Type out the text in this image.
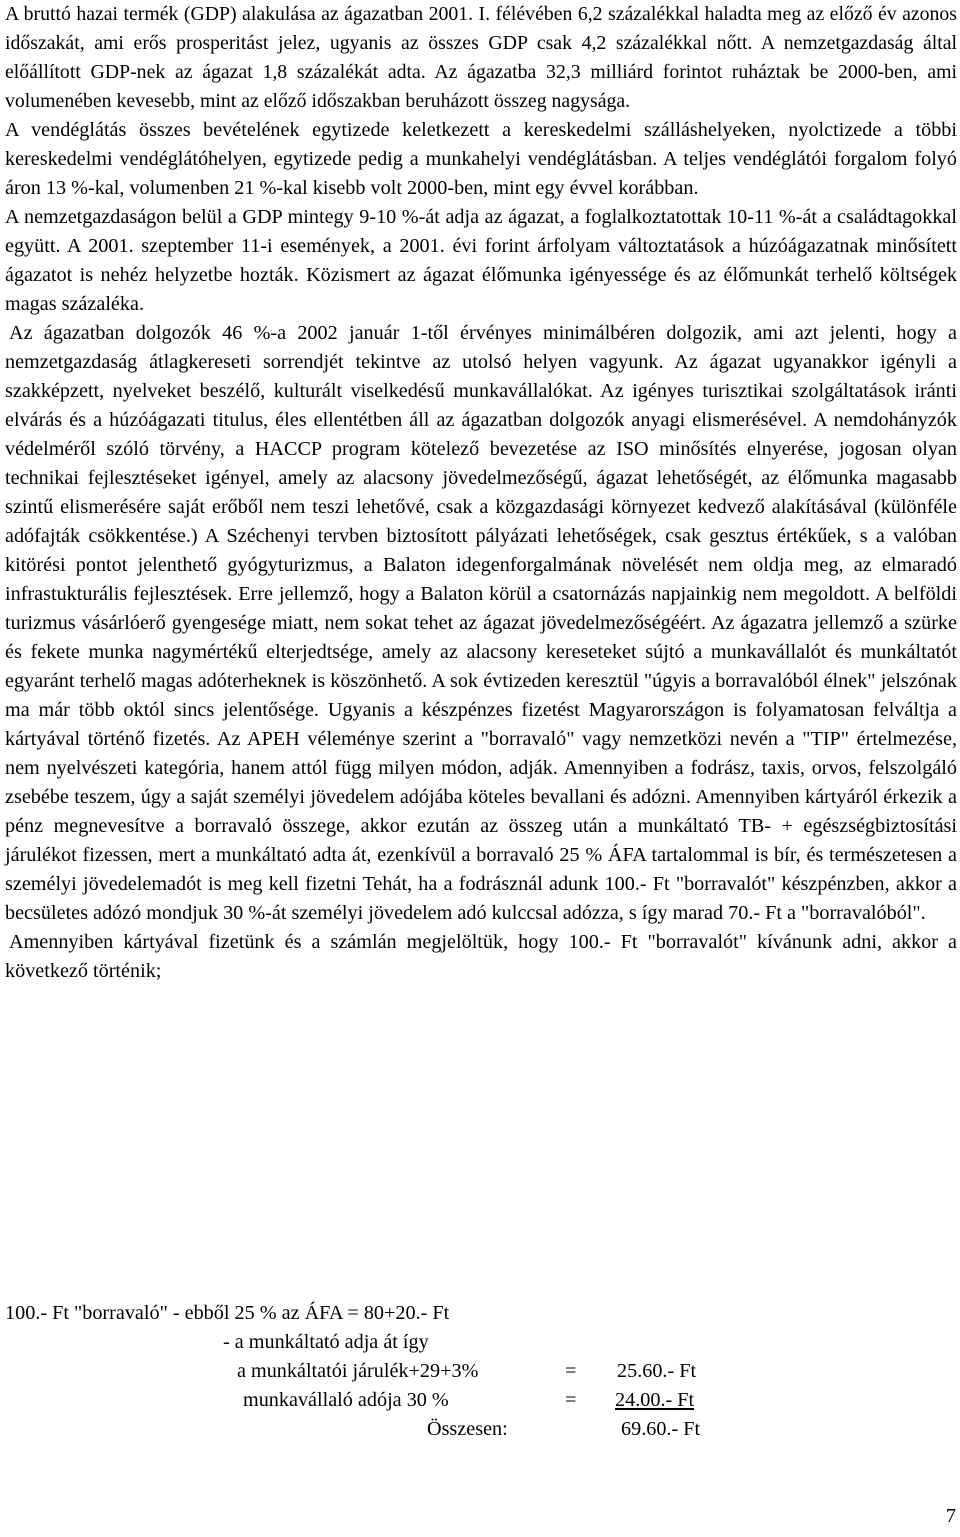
A bruttó hazai termék (GDP) alakulása az ágazatban 2001. I. félévében 6,2 százalékkal haladta meg az előző év azonos időszakát, ami erős prosperitást jelez, ugyanis az összes GDP csak 4,2 százalékkal nőtt. A nemzetgazdaság által előállított GDP-nek az ágazat 1,8 százalékát adta. Az ágazatba 32,3 milliárd forintot ruháztak be 2000-ben, ami volumenében kevesebb, mint az előző időszakban beruházott összeg nagysága.

A vendéglátás összes bevételének egytizede keletkezett a kereskedelmi szálláshelyeken, nyolctizede a többi kereskedelmi vendéglátóhelyen, egytizede pedig a munkahelyi vendéglátásban. A teljes vendéglátói forgalom folyó áron 13 %-kal, volumenben 21 %-kal kisebb volt 2000-ben, mint egy évvel korábban.

A nemzetgazdaságon belül a GDP mintegy 9-10 %-át adja az ágazat, a foglalkoztatottak 10-11 %-át a családtagokkal együtt. A 2001. szeptember 11-i események, a 2001. évi forint árfolyam változtatások a húzóágazatnak minősített ágazatot is nehéz helyzetbe hozták. Közismert az ágazat élőmunka igényessége és az élőmunkát terhelő költségek magas százaléka.

Az ágazatban dolgozók 46 %-a 2002 január 1-től érvényes minimálbéren dolgozik, ami azt jelenti, hogy a nemzetgazdaság átlagkereseti sorrendjét tekintve az utolsó helyen vagyunk. Az ágazat ugyanakkor igényli a szakképzett, nyelveket beszélő, kulturált viselkedésű munkavállalókat. Az igényes turisztikai szolgáltatások iránti elvárás és a húzóágazati titulus, éles ellentétben áll az ágazatban dolgozók anyagi elismerésével. A nemdohányzók védelméről szóló törvény, a HACCP program kötelező bevezetése az ISO minősítés elnyerése, jogosan olyan technikai fejlesztéseket igényel, amely az alacsony jövedelmezőségű, ágazat lehetőségét, az élőmunka magasabb szintű elismerésére saját erőből nem teszi lehetővé, csak a közgazdasági környezet kedvező alakításával (különféle adófajták csökkentése.) A Széchenyi tervben biztosított pályázati lehetőségek, csak gesztus értékűek, s a valóban kitörési pontot jelenthető gyógyturizmus, a Balaton idegenforgalmának növelését nem oldja meg, az elmaradó infrastukturális fejlesztések. Erre jellemző, hogy a Balaton körül a csatornázás napjainkig nem megoldott. A belföldi turizmus vásárlóerő gyengesége miatt, nem sokat tehet az ágazat jövedelmezőségéért. Az ágazatra jellemző a szürke és fekete munka nagymértékű elterjedtsége, amely az alacsony kereseteket sújtó a munkavállalót és munkáltatót egyaránt terhelő magas adóterheknek is köszönhető. A sok évtizeden keresztül "úgyis a borravalóból élnek" jelszónak ma már több októl sincs jelentősége. Ugyanis a készpénzes fizetést Magyarországon is folyamatosan felváltja a kártyával történő fizetés. Az APEH véleménye szerint a "borravaló" vagy nemzetközi nevén a "TIP" értelmezése, nem nyelvészeti kategória, hanem attól függ milyen módon, adják. Amennyiben a fodrász, taxis, orvos, felszolgáló zsebébe teszem, úgy a saját személyi jövedelem adójába köteles bevallani és adózni. Amennyiben kártyáról érkezik a pénz megnevesítve a borravaló összege, akkor ezután az összeg után a munkáltató TB- + egészségbiztosítási járulékot fizessen, mert a munkáltató adta át, ezenkívül a borravaló 25 % ÁFA tartalommal is bír, és természetesen a személyi jövedelemadót is meg kell fizetni Tehát, ha a fodrásznál adunk 100.- Ft "borravalót" készpénzben, akkor a becsületes adózó mondjuk 30 %-át személyi jövedelem adó kulccsal adózza, s így marad 70.- Ft a "borravalóból".

Amennyiben kártyával fizetünk és a számlán megjelöltük, hogy 100.- Ft "borravalót" kívánunk adni, akkor a következő történik;

100.- Ft "borravaló" - ebből 25 % az ÁFA = 80+20.- Ft
- a munkáltató adja át így
a munkáltatói járulék+29+3%	= 25.60.- Ft
munkavállaló adója 30 %	= 24.00.- Ft
Összesen:	69.60.- Ft
7
